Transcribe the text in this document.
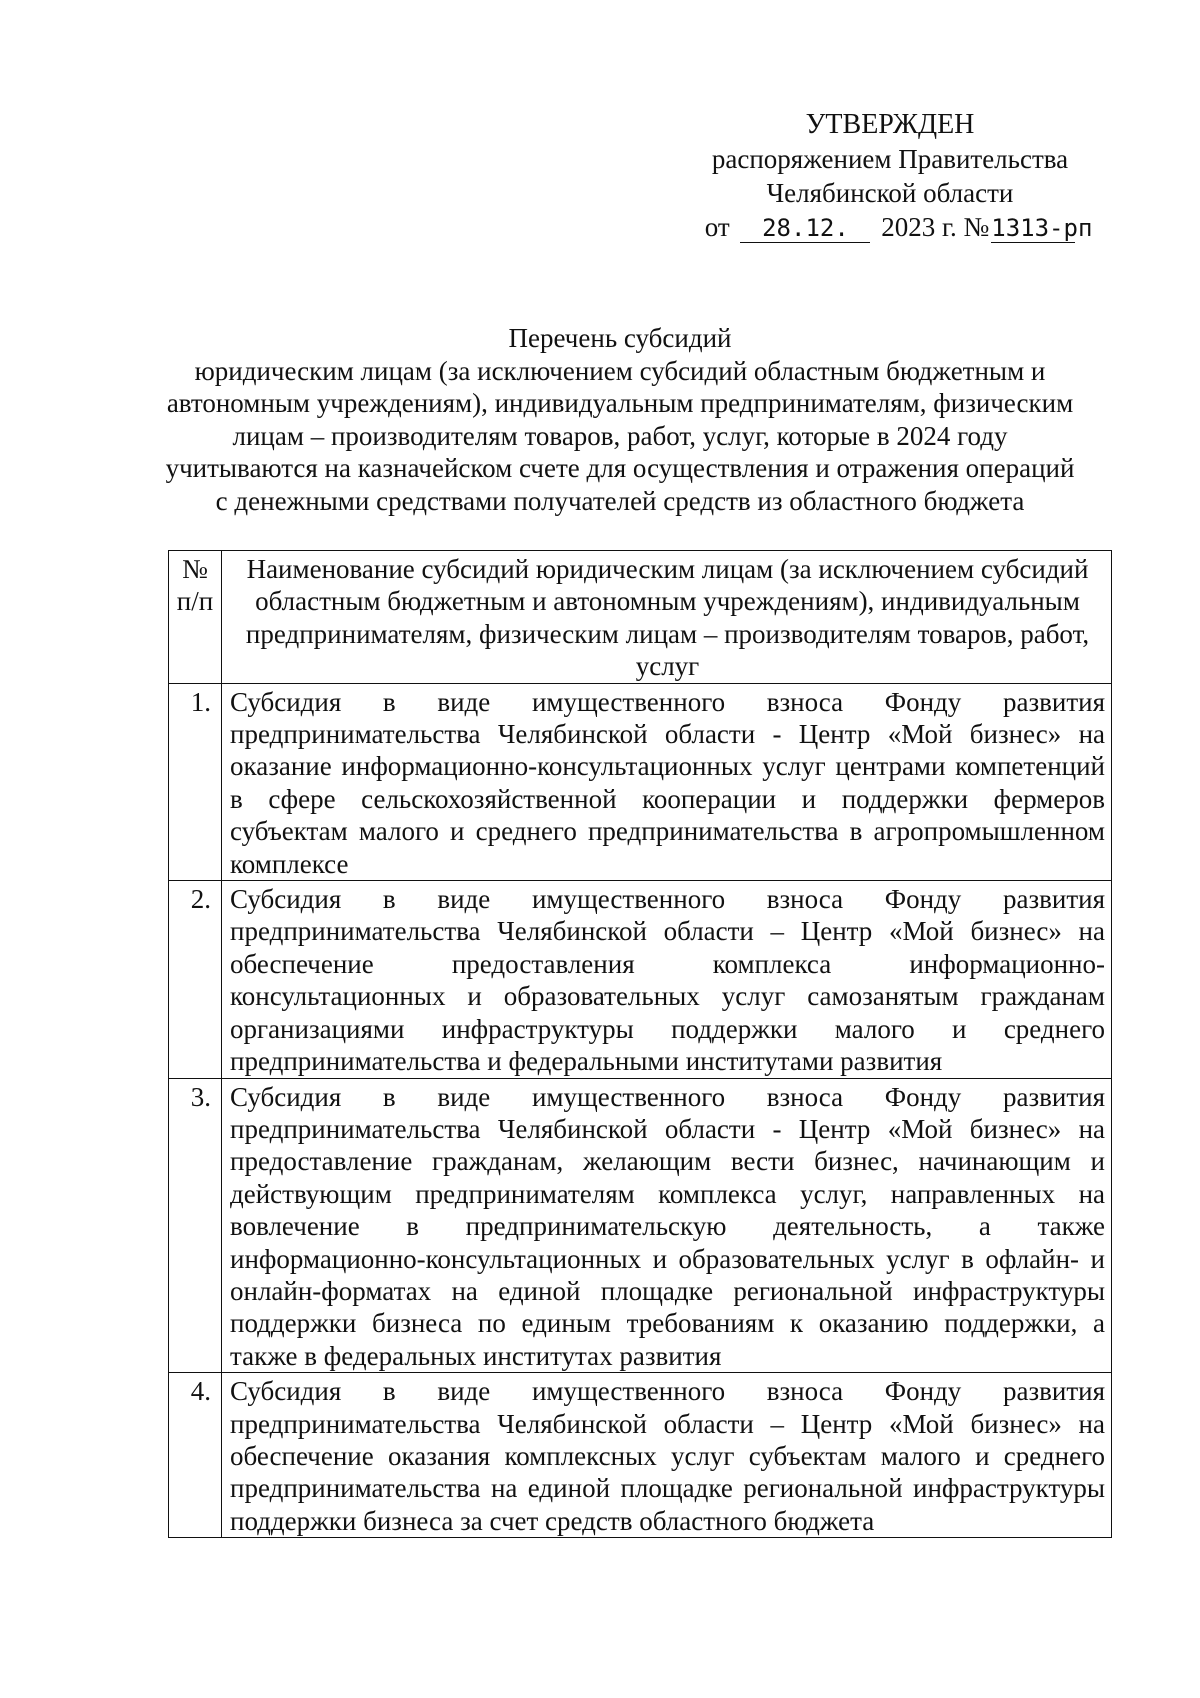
УТВЕРЖДЕН
распоряжением Правительства
Челябинской области
от 28.12. 2023 г. №1313-рп
Перечень субсидий
юридическим лицам (за исключением субсидий областным бюджетным и
автономным учреждениям), индивидуальным предпринимателям, физическим
лицам – производителям товаров, работ, услуг, которые в 2024 году
учитываются на казначейском счете для осуществления и отражения операций
с денежными средствами получателей средств из областного бюджета
№ п/п	Наименование субсидий юридическим лицам (за исключением субсидий областным бюджетным и автономным учреждениям), индивидуальным предпринимателям, физическим лицам – производителям товаров, работ, услуг
1.	Субсидия в виде имущественного взноса Фонду развития предпринимательства Челябинской области - Центр «Мой бизнес» на оказание информационно-консультационных услуг центрами компетенций в сфере сельскохозяйственной кооперации и поддержки фермеров субъектам малого и среднего предпринимательства в агропромышленном комплексе
2.	Субсидия в виде имущественного взноса Фонду развития предпринимательства Челябинской области – Центр «Мой бизнес» на обеспечение предоставления комплекса информационно-консультационных и образовательных услуг самозанятым гражданам организациями инфраструктуры поддержки малого и среднего предпринимательства и федеральными институтами развития
3.	Субсидия в виде имущественного взноса Фонду развития предпринимательства Челябинской области - Центр «Мой бизнес» на предоставление гражданам, желающим вести бизнес, начинающим и действующим предпринимателям комплекса услуг, направленных на вовлечение в предпринимательскую деятельность, а также информационно-консультационных и образовательных услуг в офлайн- и онлайн-форматах на единой площадке региональной инфраструктуры поддержки бизнеса по единым требованиям к оказанию поддержки, а также в федеральных институтах развития
4.	Субсидия в виде имущественного взноса Фонду развития предпринимательства Челябинской области – Центр «Мой бизнес» на обеспечение оказания комплексных услуг субъектам малого и среднего предпринимательства на единой площадке региональной инфраструктуры поддержки бизнеса за счет средств областного бюджета
